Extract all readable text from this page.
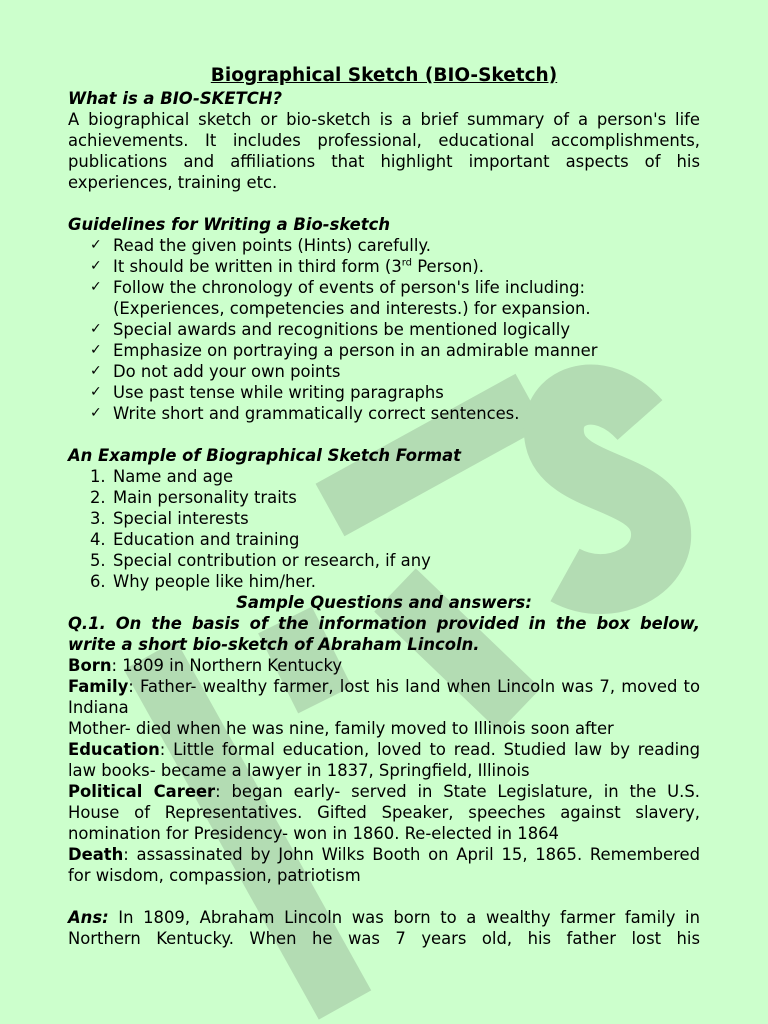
Biographical Sketch (BIO-Sketch)
What is a BIO-SKETCH?
A biographical sketch or bio-sketch is a brief summary of a person's life achievements. It includes professional, educational accomplishments, publications and affiliations that highlight important aspects of his experiences, training etc.
Guidelines for Writing a Bio-sketch
✓ Read the given points (Hints) carefully.
✓ It should be written in third form (3rd Person).
✓ Follow the chronology of events of person's life including:
(Experiences, competencies and interests.) for expansion.
✓ Special awards and recognitions be mentioned logically
✓ Emphasize on portraying a person in an admirable manner
✓ Do not add your own points
✓ Use past tense while writing paragraphs
✓ Write short and grammatically correct sentences.
An Example of Biographical Sketch Format
1. Name and age
2. Main personality traits
3. Special interests
4. Education and training
5. Special contribution or research, if any
6. Why people like him/her.
Sample Questions and answers:
Q.1. On the basis of the information provided in the box below, write a short bio-sketch of Abraham Lincoln.
Born: 1809 in Northern Kentucky
Family: Father- wealthy farmer, lost his land when Lincoln was 7, moved to Indiana
Mother- died when he was nine, family moved to Illinois soon after
Education: Little formal education, loved to read. Studied law by reading law books- became a lawyer in 1837, Springfield, Illinois
Political Career: began early- served in State Legislature, in the U.S. House of Representatives. Gifted Speaker, speeches against slavery, nomination for Presidency- won in 1860. Re-elected in 1864
Death: assassinated by John Wilks Booth on April 15, 1865. Remembered for wisdom, compassion, patriotism
Ans: In 1809, Abraham Lincoln was born to a wealthy farmer family in Northern Kentucky. When he was 7 years old, his father lost his
